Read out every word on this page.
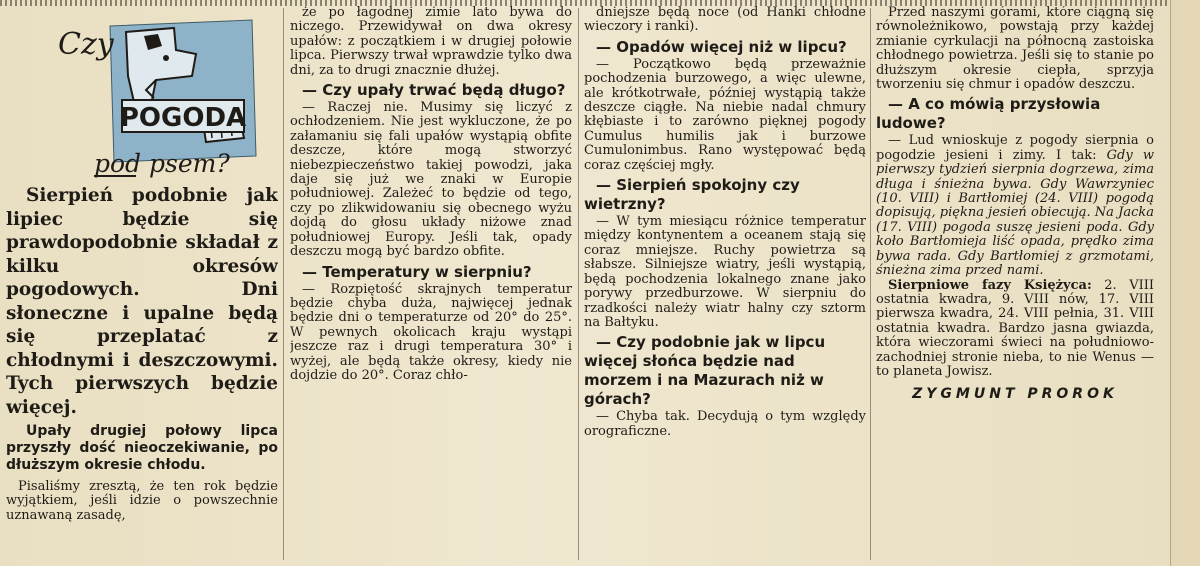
Czy
POGODA
pod psem?

Sierpień podobnie jak lipiec będzie się prawdopodobnie składał z kilku okresów pogodowych. Dni słoneczne i upalne będą się przeplatać z chłodnymi i deszczowymi. Tych pierwszych będzie więcej.

Upały drugiej połowy lipca przyszły dość nieoczekiwanie, po dłuższym okresie chłodu.

Pisaliśmy zresztą, że ten rok będzie wyjątkiem, jeśli idzie o powszechnie uznawaną zasadę,

że po łagodnej zimie lato bywa do niczego. Przewidywał on dwa okresy upałów: z początkiem i w drugiej połowie lipca. Pierwszy trwał wprawdzie tylko dwa dni, za to drugi znacznie dłużej.

— Czy upały trwać będą długo?

— Raczej nie. Musimy się liczyć z ochłodzeniem. Nie jest wykluczone, że po załamaniu się fali upałów wystąpią obfite deszcze, które mogą stworzyć niebezpieczeństwo takiej powodzi, jaka daje się już we znaki w Europie południowej. Zależeć to będzie od tego, czy po zlikwidowaniu się obecnego wyżu dojdą do głosu układy niżowe znad południowej Europy. Jeśli tak, opady deszczu mogą być bardzo obfite.

— Temperatury w sierpniu?

— Rozpiętość skrajnych temperatur będzie chyba duża, najwięcej jednak będzie dni o temperaturze od 20° do 25°. W pewnych okolicach kraju wystąpi jeszcze raz i drugi temperatura 30° i wyżej, ale będą także okresy, kiedy nie dojdzie do 20°. Coraz chło-

dniejsze będą noce (od Hanki chłodne wieczory i ranki).

— Opadów więcej niż w lipcu?

— Początkowo będą przeważnie pochodzenia burzowego, a więc ulewne, ale krótkotrwałe, później wystąpią także deszcze ciągłe. Na niebie nadal chmury kłębiaste i to zarówno pięknej pogody Cumulus humilis jak i burzowe Cumulonimbus. Rano występować będą coraz częściej mgły.

— Sierpień spokojny czy wietrzny?

— W tym miesiącu różnice temperatur między kontynentem a oceanem stają się coraz mniejsze. Ruchy powietrza są słabsze. Silniejsze wiatry, jeśli wystąpią, będą pochodzenia lokalnego znane jako porywy przedburzowe. W sierpniu do rzadkości należy wiatr halny czy sztorm na Bałtyku.

— Czy podobnie jak w lipcu więcej słońca będzie nad morzem i na Mazurach niż w górach?

— Chyba tak. Decydują o tym względy orograficzne.

Przed naszymi górami, które ciągną się równoleżnikowo, powstają przy każdej zmianie cyrkulacji na północną zastoiska chłodnego powietrza. Jeśli się to stanie po dłuższym okresie ciepła, sprzyja tworzeniu się chmur i opadów deszczu.

— A co mówią przysłowia ludowe?

— Lud wnioskuje z pogody sierpnia o pogodzie jesieni i zimy. I tak: Gdy w pierwszy tydzień sierpnia dogrzewa, zima długa i śnieżna bywa. Gdy Wawrzyniec (10. VIII) i Bartłomiej (24. VIII) pogodą dopisują, piękna jesień obiecują. Na Jacka (17. VIII) pogoda suszę jesieni poda. Gdy koło Bartłomieja liść opada, prędko zima bywa rada. Gdy Bartłomiej z grzmotami, śnieżna zima przed nami.

Sierpniowe fazy Księżyca: 2. VIII ostatnia kwadra, 9. VIII nów, 17. VIII pierwsza kwadra, 24. VIII pełnia, 31. VIII ostatnia kwadra. Bardzo jasna gwiazda, która wieczorami świeci na południowo-zachodniej stronie nieba, to nie Wenus — to planeta Jowisz.

ZYGMUNT PROROK
